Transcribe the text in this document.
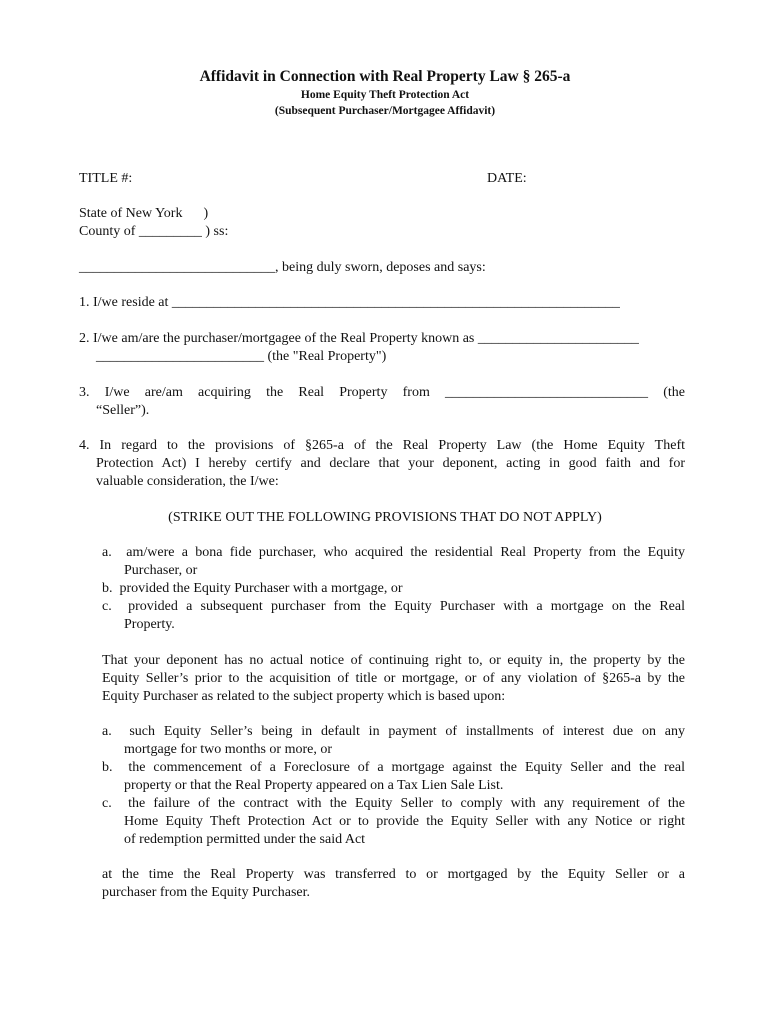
Affidavit in Connection with Real Property Law § 265-a
Home Equity Theft Protection Act
(Subsequent Purchaser/Mortgagee Affidavit)
TITLE #:	DATE:
State of New York      )
County of _________ ) ss:
____________________________, being duly sworn, deposes and says:
1. I/we reside at ________________________________________________________________
2. I/we am/are the purchaser/mortgagee of the Real Property known as _______________________
________________________ (the "Real Property")
3. I/we are/am acquiring the Real Property from _____________________________ (the
“Seller”).
4. In regard to the provisions of §265-a of the Real Property Law (the Home Equity Theft
Protection Act) I hereby certify and declare that your deponent, acting in good faith and for
valuable consideration, the I/we:
(STRIKE OUT THE FOLLOWING PROVISIONS THAT DO NOT APPLY)
a.  am/were a bona fide purchaser, who acquired the residential Real Property from the Equity
Purchaser, or
b.  provided the Equity Purchaser with a mortgage, or
c.  provided a subsequent purchaser from the Equity Purchaser with a mortgage on the Real
Property.
That your deponent has no actual notice of continuing right to, or equity in, the property by the
Equity Seller’s prior to the acquisition of title or mortgage, or of any violation of §265-a by the
Equity Purchaser as related to the subject property which is based upon:
a.  such Equity Seller’s being in default in payment of installments of interest due on any
mortgage for two months or more, or
b.  the commencement of a Foreclosure of a mortgage against the Equity Seller and the real
property or that the Real Property appeared on a Tax Lien Sale List.
c.  the failure of the contract with the Equity Seller to comply with any requirement of the
Home Equity Theft Protection Act or to provide the Equity Seller with any Notice or right
of redemption permitted under the said Act
at the time the Real Property was transferred to or mortgaged by the Equity Seller or a
purchaser from the Equity Purchaser.
